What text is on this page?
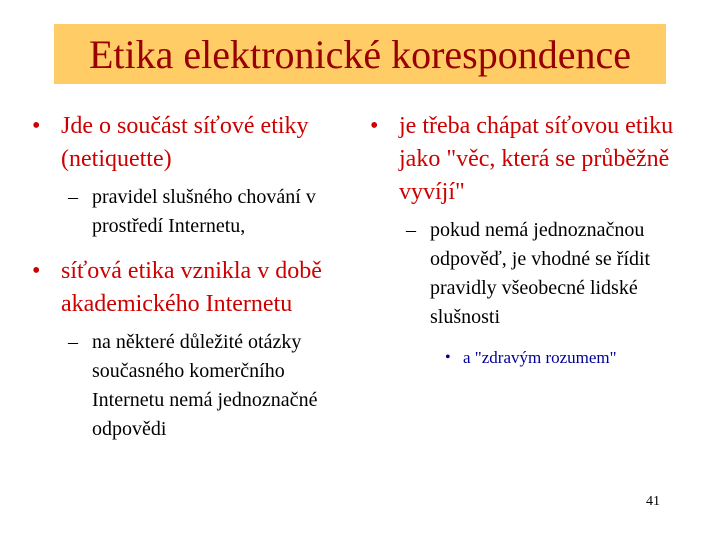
Etika elektronické korespondence
• Jde o součást síťové etiky (netiquette)
– pravidel slušného chování v prostředí Internetu,
• síťová etika vznikla v době akademického Internetu
– na některé důležité otázky současného komerčního Internetu nemá jednoznačné odpovědi
• je třeba chápat síťovou etiku jako "věc, která se průběžně vyvíjí"
– pokud nemá jednoznačnou odpověď, je vhodné se řídit pravidly všeobecné lidské slušnosti
• a "zdravým rozumem"
41
